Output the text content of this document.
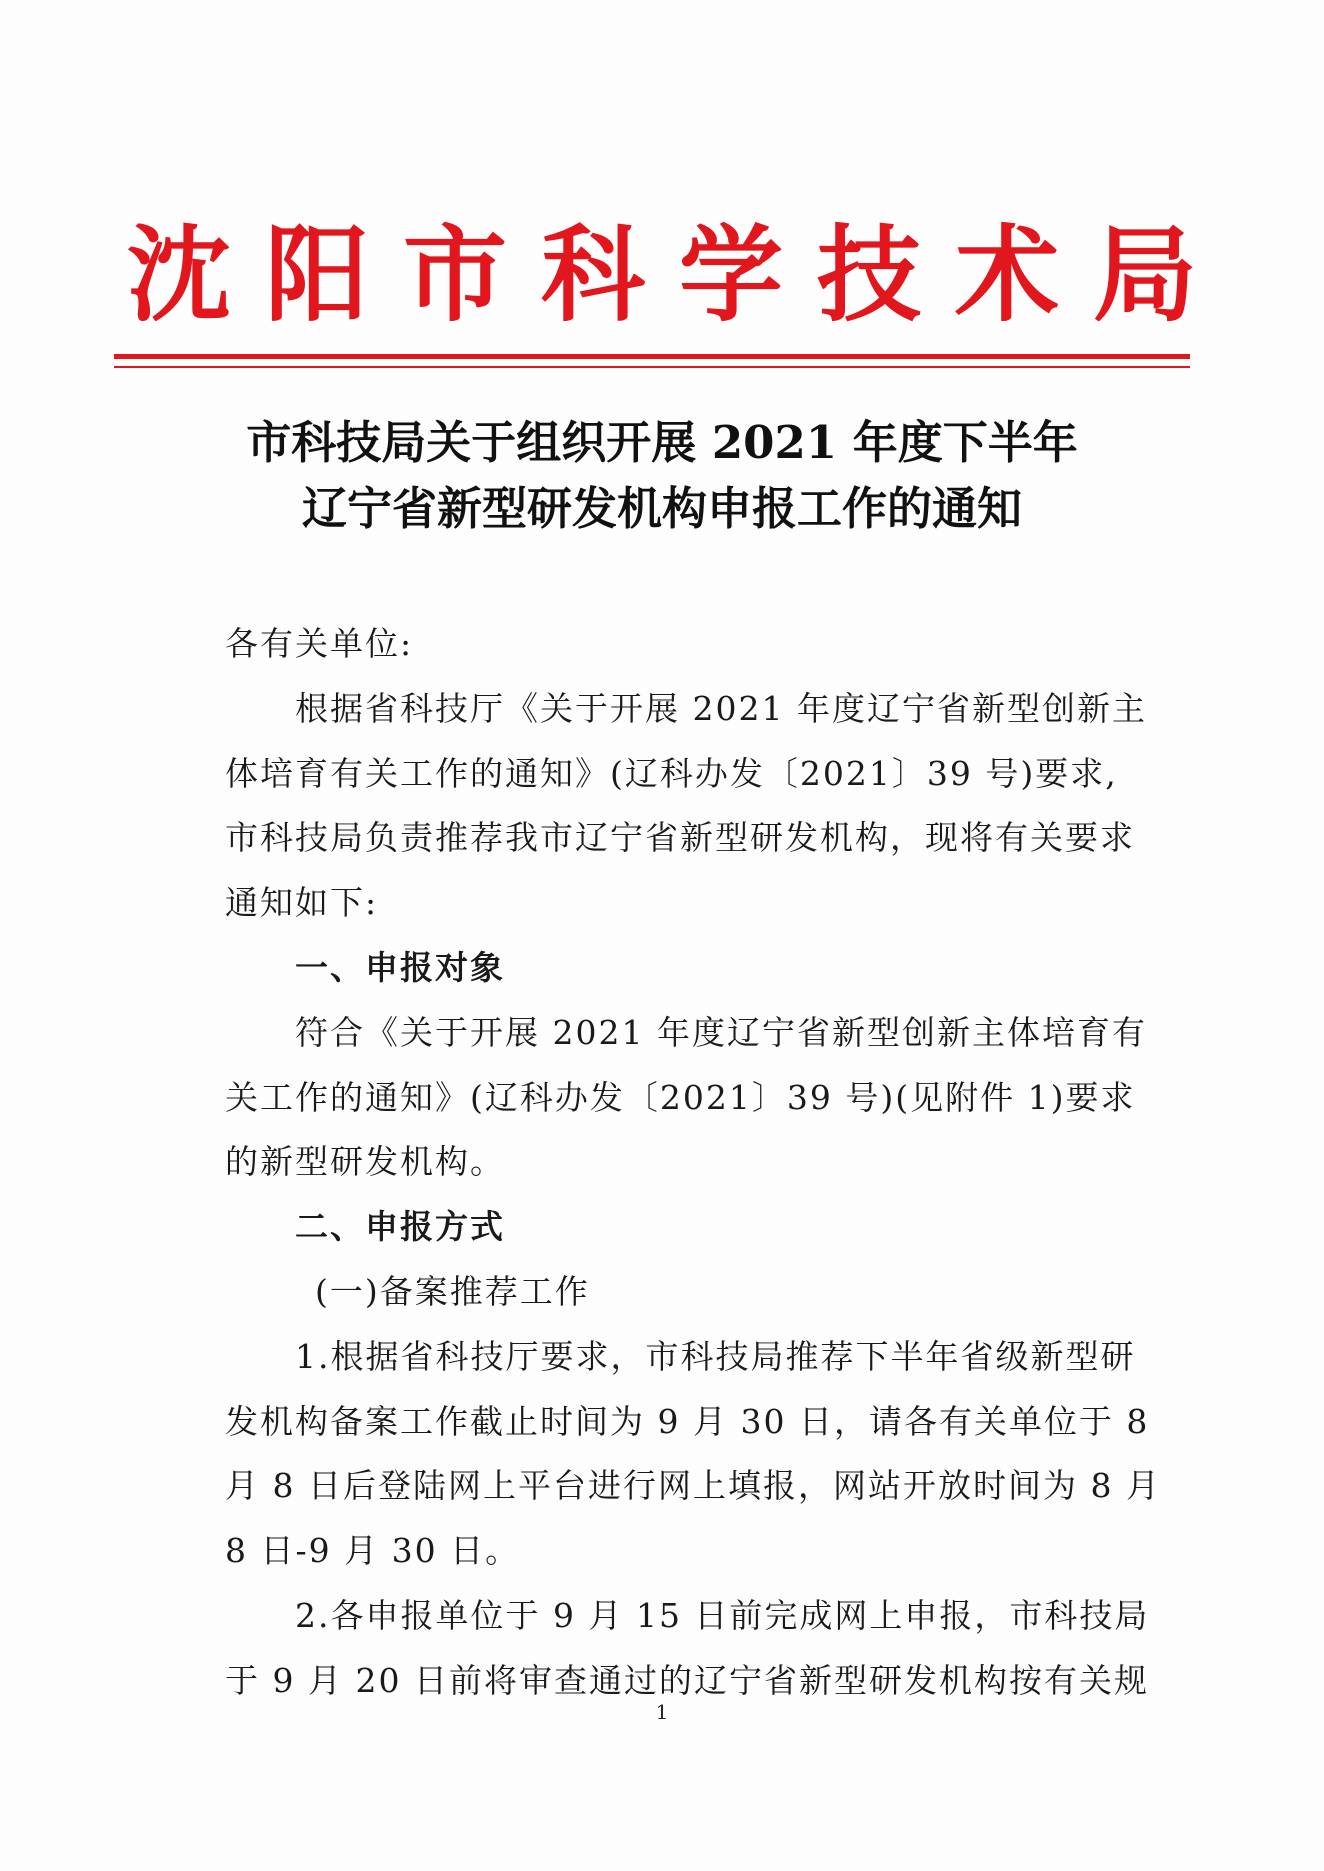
沈阳市科学技术局
市科技局关于组织开展 2021 年度下半年
辽宁省新型研发机构申报工作的通知
各有关单位:
根据省科技厅《关于开展 2021 年度辽宁省新型创新主
体培育有关工作的通知》(辽科办发〔2021〕39 号)要求,
市科技局负责推荐我市辽宁省新型研发机构，现将有关要求
通知如下:
一、申报对象
符合《关于开展 2021 年度辽宁省新型创新主体培育有
关工作的通知》(辽科办发〔2021〕39 号)(见附件 1)要求
的新型研发机构。
二、申报方式
(一)备案推荐工作
1.根据省科技厅要求，市科技局推荐下半年省级新型研
发机构备案工作截止时间为 9 月 30 日，请各有关单位于 8
月 8 日后登陆网上平台进行网上填报，网站开放时间为 8 月
8 日-9 月 30 日。
2.各申报单位于 9 月 15 日前完成网上申报，市科技局
于 9 月 20 日前将审查通过的辽宁省新型研发机构按有关规
1
